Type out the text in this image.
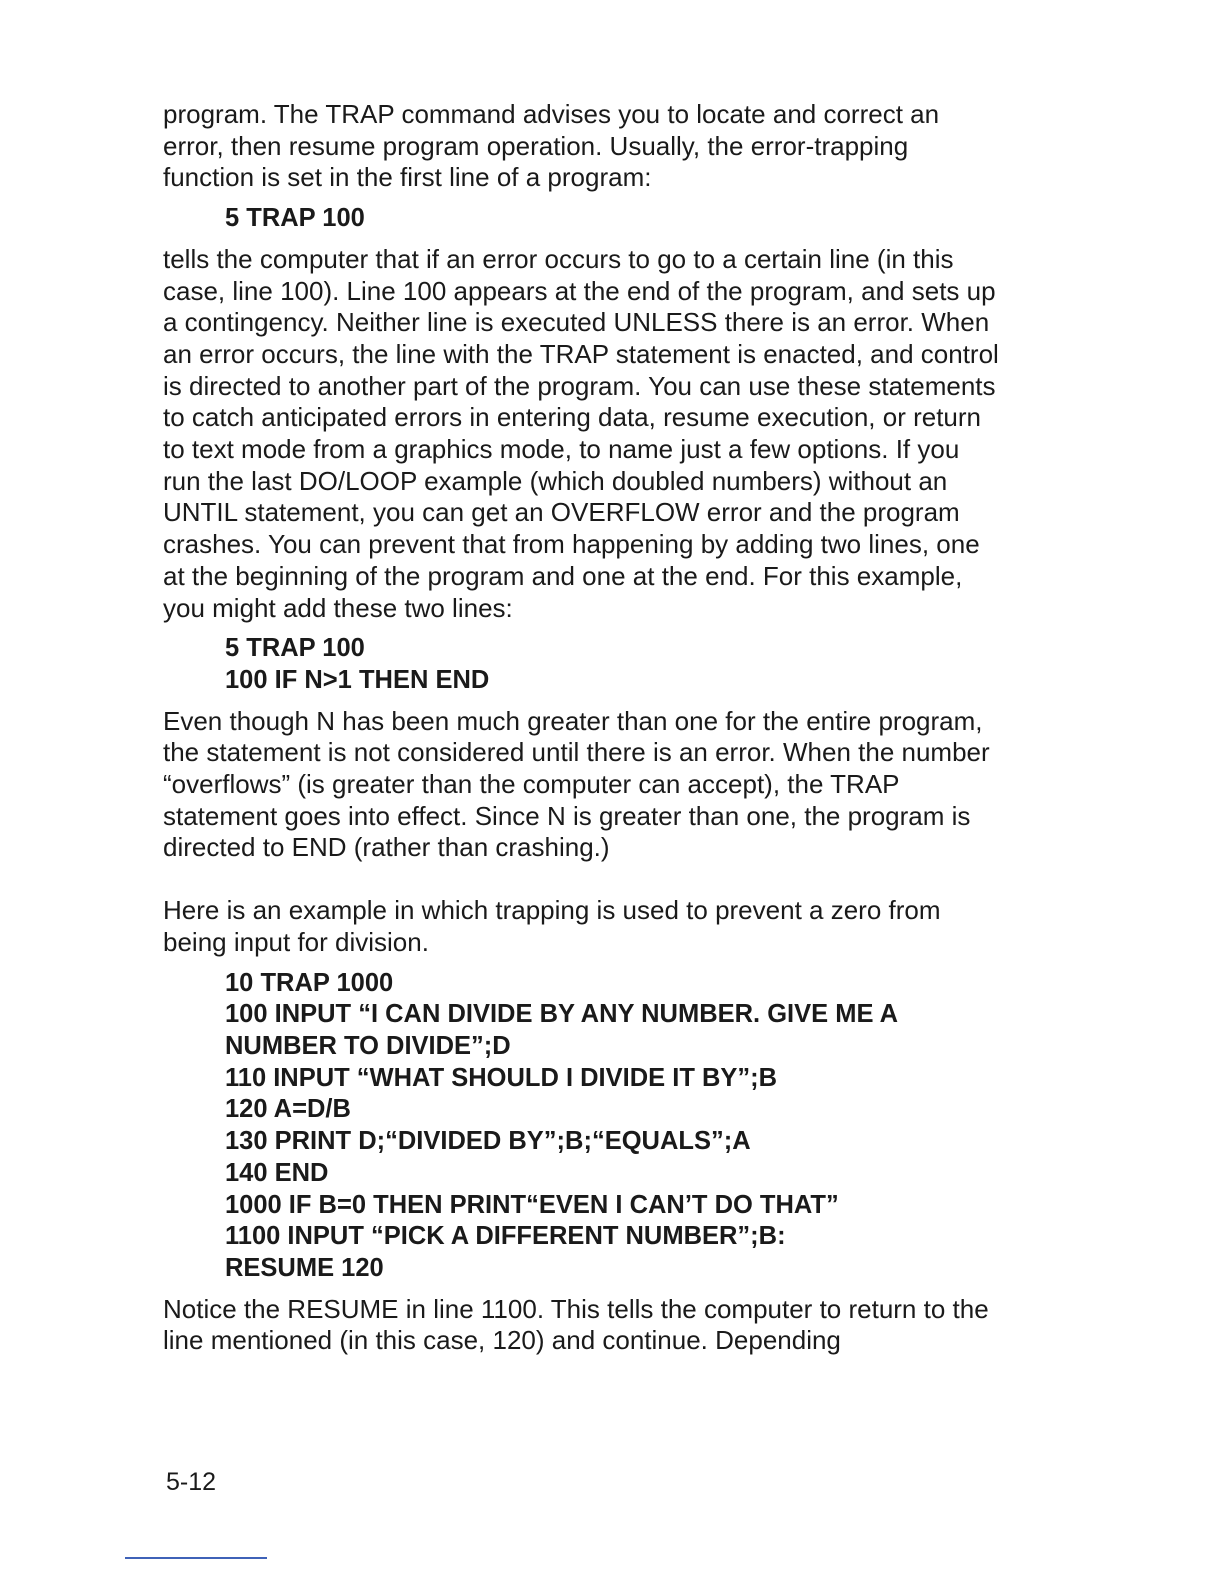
program. The TRAP command advises you to locate and correct an error, then resume program operation. Usually, the error-trapping function is set in the first line of a program:

5 TRAP 100

tells the computer that if an error occurs to go to a certain line (in this case, line 100). Line 100 appears at the end of the program, and sets up a contingency. Neither line is executed UNLESS there is an error. When an error occurs, the line with the TRAP statement is enacted, and control is directed to another part of the program. You can use these statements to catch anticipated errors in entering data, resume execution, or return to text mode from a graphics mode, to name just a few options. If you run the last DO/LOOP example (which doubled numbers) without an UNTIL statement, you can get an OVERFLOW error and the program crashes. You can prevent that from happening by adding two lines, one at the beginning of the program and one at the end. For this example, you might add these two lines:

5 TRAP 100
100 IF N>1 THEN END

Even though N has been much greater than one for the entire program, the statement is not considered until there is an error. When the number “overflows” (is greater than the computer can accept), the TRAP statement goes into effect. Since N is greater than one, the program is directed to END (rather than crashing.)

Here is an example in which trapping is used to prevent a zero from being input for division.

10 TRAP 1000
100 INPUT “I CAN DIVIDE BY ANY NUMBER. GIVE ME A NUMBER TO DIVIDE”;D
110 INPUT “WHAT SHOULD I DIVIDE IT BY”;B
120 A=D/B
130 PRINT D;“DIVIDED BY”;B;“EQUALS”;A
140 END
1000 IF B=0 THEN PRINT“EVEN I CAN’T DO THAT”
1100 INPUT “PICK A DIFFERENT NUMBER”;B:
RESUME 120

Notice the RESUME in line 1100. This tells the computer to return to the line mentioned (in this case, 120) and continue. Depending

5-12
